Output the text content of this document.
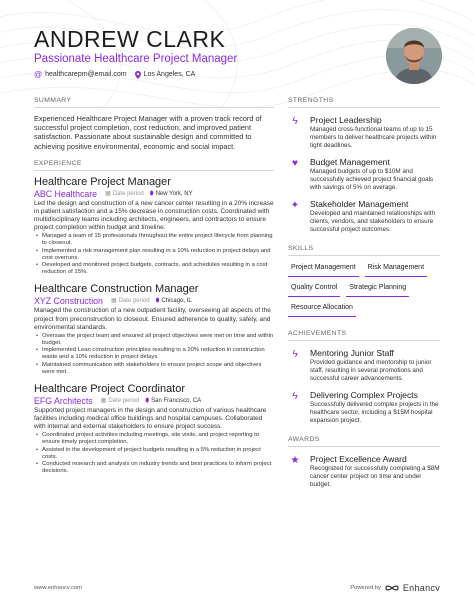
ANDREW CLARK
Passionate Healthcare Project Manager
@ healthcarepm@email.com Los Angeles, CA
SUMMARY
Experienced Healthcare Project Manager with a proven track record of successful project completion, cost reduction, and improved patient satisfaction. Passionate about sustainable design and committed to achieving positive environmental, economic and social impact.
EXPERIENCE
Healthcare Project Manager
ABC Healthcare ▦ Date period ⬮ New York, NY
Led the design and construction of a new cancer center resulting in a 20% increase in patient satisfaction and a 15% decrease in construction costs. Coordinated with multidisciplinary teams including architects, engineers, and contractors to ensure project completion within budget and timeline.
• Managed a team of 15 professionals throughout the entire project lifecycle from planning to closeout.
• Implemented a risk management plan resulting in a 10% reduction in project delays and cost overruns.
• Developed and monitored project budgets, contracts, and schedules resulting in a cost reduction of 15%.
Healthcare Construction Manager
XYZ Construction ▦ Date period ⬮ Chicago, IL
Managed the construction of a new outpatient facility, overseeing all aspects of the project from preconstruction to closeout. Ensured adherence to quality, safety, and environmental standards.
• Oversaw the project team and ensured all project objectives were met on time and within budget.
• Implemented Lean construction principles resulting in a 20% reduction in construction waste and a 10% reduction in project delays.
• Maintained communication with stakeholders to ensure project scope and objectives were met.
Healthcare Project Coordinator
EFG Architects ▦ Date period ⬮ San Francisco, CA
Supported project managers in the design and construction of various healthcare facilities including medical office buildings and hospital campuses. Collaborated with internal and external stakeholders to ensure project success.
• Coordinated project activities including meetings, site visits, and project reporting to ensure timely project completion.
• Assisted in the development of project budgets resulting in a 5% reduction in project costs.
• Conducted research and analysis on industry trends and best practices to inform project decisions.
STRENGTHS
ϟ	Project Leadership
Managed cross-functional teams of up to 15 members to deliver healthcare projects within tight deadlines.
♥	Budget Management
Managed budgets of up to $10M and successfully achieved project financial goals with savings of 5% on average.
✦	Stakeholder Management
Developed and maintained relationships with clients, vendors, and stakeholders to ensure successful project outcomes.
SKILLS
Project Management	Risk Management
Quality Control	Strategic Planning
Resource Allocation
ACHIEVEMENTS
ϟ	Mentoring Junior Staff
Provided guidance and mentorship to junior staff, resulting in several promotions and successful career advancements.
ϟ	Delivering Complex Projects
Successfully delivered complex projects in the healthcare sector, including a $15M hospital expansion project.
AWARDS
★ Project Excellence Award
Recognized for successfully completing a $8M cancer center project on time and under budget.
www.enhancv.com	Powered by Enhancv
